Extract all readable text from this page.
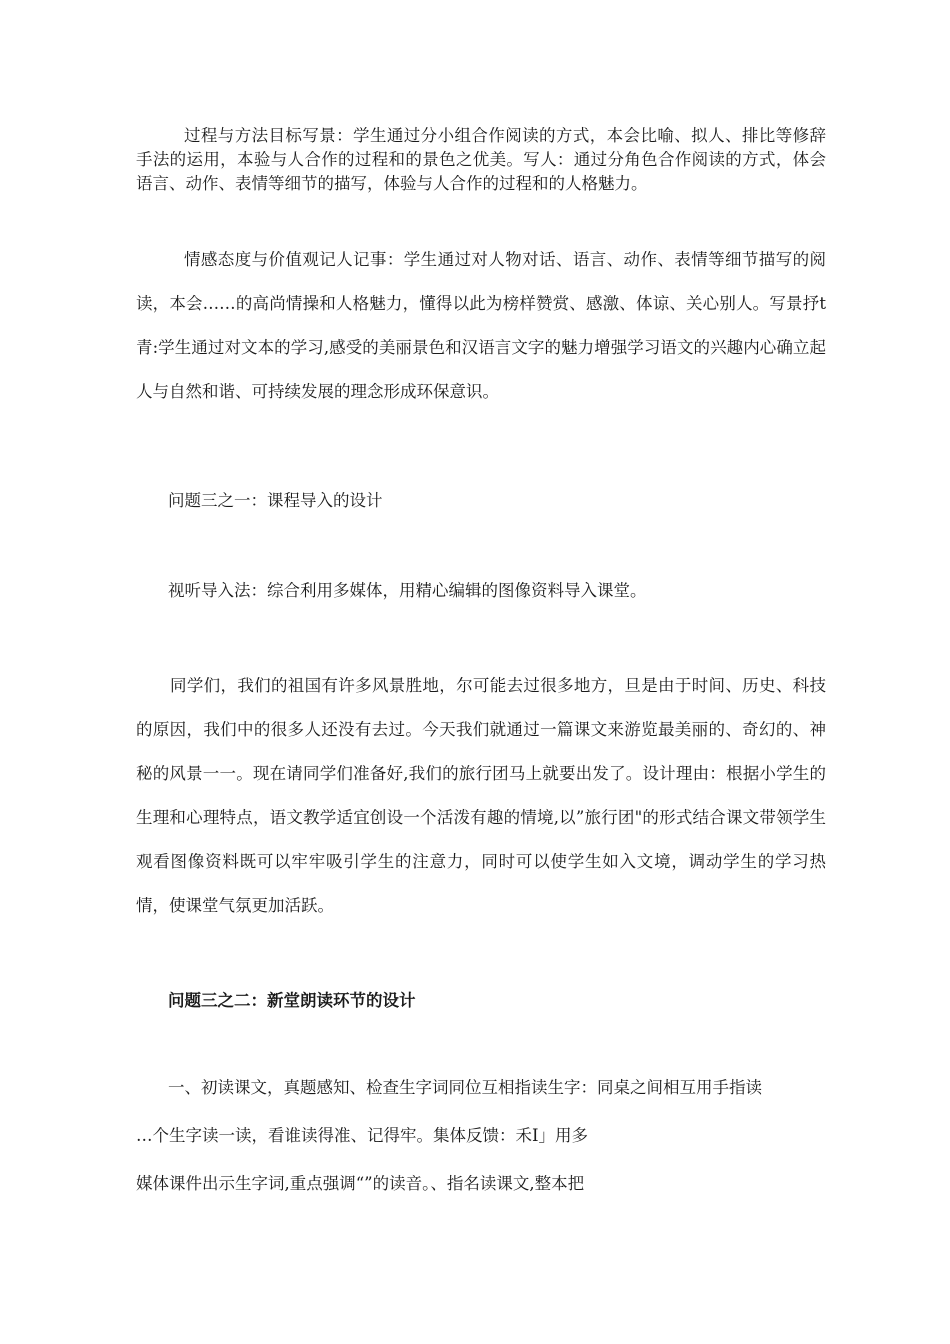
过程与方法目标写景：学生通过分小组合作阅读的方式，本会比喻、拟人、排比等修辞手法的运用，本验与人合作的过程和的景色之优美。写人：通过分角色合作阅读的方式，体会语言、动作、表情等细节的描写，体验与人合作的过程和的人格魅力。

情感态度与价值观记人记事：学生通过对人物对话、语言、动作、表情等细节描写的阅读，本会……的高尚情操和人格魅力，懂得以此为榜样赞赏、感激、体谅、关心别人。写景抒t青:学生通过对文本的学习,感受的美丽景色和汉语言文字的魅力增强学习语文的兴趣内心确立起人与自然和谐、可持续发展的理念形成环保意识。

问题三之一：课程导入的设计

视听导入法：综合利用多媒体，用精心编辑的图像资料导入课堂。

同学们，我们的祖国有许多风景胜地，尔可能去过很多地方，旦是由于时间、历史、科技的原因，我们中的很多人还没有去过。今天我们就通过一篇课文来游览最美丽的、奇幻的、神秘的风景一一。现在请同学们准备好,我们的旅行团马上就要出发了。设计理由：根据小学生的生理和心理特点，语文教学适宜创设一个活泼有趣的情境,以”旅行团"的形式结合课文带领学生观看图像资料既可以牢牢吸引学生的注意力，同时可以使学生如入文境，调动学生的学习热情，使课堂气氛更加活跃。

问题三之二：新堂朗读环节的设计

一、初读课文，真题感知、检查生字词同位互相指读生字：同桌之间相互用手指读

…个生字读一读，看谁读得准、记得牢。集体反馈：禾I」用多

媒体课件出示生字词,重点强调“”的读音。、指名读课文,整本把
